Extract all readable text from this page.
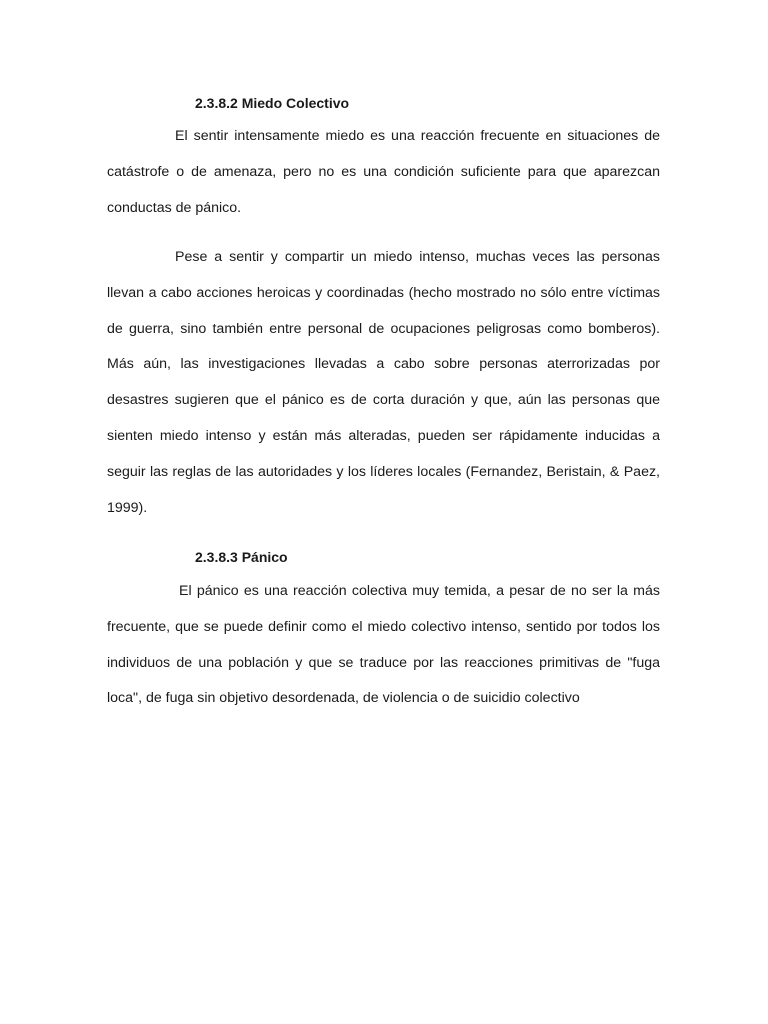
2.3.8.2 Miedo Colectivo

El sentir intensamente miedo es una reacción frecuente en situaciones de catástrofe o de amenaza, pero no es una condición suficiente para que aparezcan conductas de pánico.

Pese a sentir y compartir un miedo intenso, muchas veces las personas llevan a cabo acciones heroicas y coordinadas (hecho mostrado no sólo entre víctimas de guerra, sino también entre personal de ocupaciones peligrosas como bomberos). Más aún, las investigaciones llevadas a cabo sobre personas aterrorizadas por desastres sugieren que el pánico es de corta duración y que, aún las personas que sienten miedo intenso y están más alteradas, pueden ser rápidamente inducidas a seguir las reglas de las autoridades y los líderes locales (Fernandez, Beristain, & Paez, 1999).

2.3.8.3 Pánico

El pánico es una reacción colectiva muy temida, a pesar de no ser la más frecuente, que se puede definir como el miedo colectivo intenso, sentido por todos los individuos de una población y que se traduce por las reacciones primitivas de "fuga loca", de fuga sin objetivo desordenada, de violencia o de suicidio colectivo
